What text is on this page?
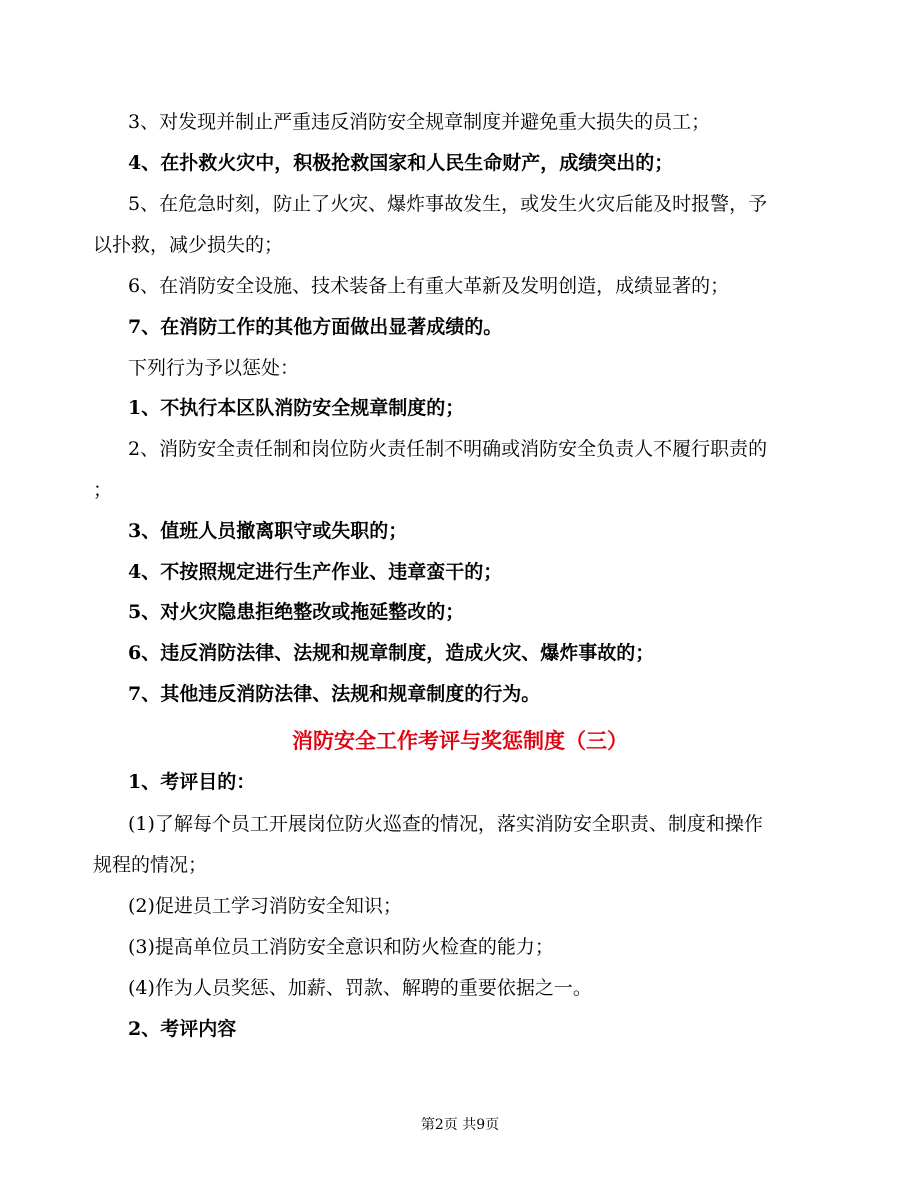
3、对发现并制止严重违反消防安全规章制度并避免重大损失的员工；
4、在扑救火灾中，积极抢救国家和人民生命财产，成绩突出的；
5、在危急时刻，防止了火灾、爆炸事故发生，或发生火灾后能及时报警，予
以扑救，减少损失的；
6、在消防安全设施、技术装备上有重大革新及发明创造，成绩显著的；
7、在消防工作的其他方面做出显著成绩的。
下列行为予以惩处：
1、不执行本区队消防安全规章制度的；
2、消防安全责任制和岗位防火责任制不明确或消防安全负责人不履行职责的
；
3、值班人员撤离职守或失职的；
4、不按照规定进行生产作业、违章蛮干的；
5、对火灾隐患拒绝整改或拖延整改的；
6、违反消防法律、法规和规章制度，造成火灾、爆炸事故的；
7、其他违反消防法律、法规和规章制度的行为。
消防安全工作考评与奖惩制度（三）
1、考评目的：
(1)了解每个员工开展岗位防火巡查的情况，落实消防安全职责、制度和操作
规程的情况；
(2)促进员工学习消防安全知识；
(3)提高单位员工消防安全意识和防火检查的能力；
(4)作为人员奖惩、加薪、罚款、解聘的重要依据之一。
2、考评内容
第2页 共9页
